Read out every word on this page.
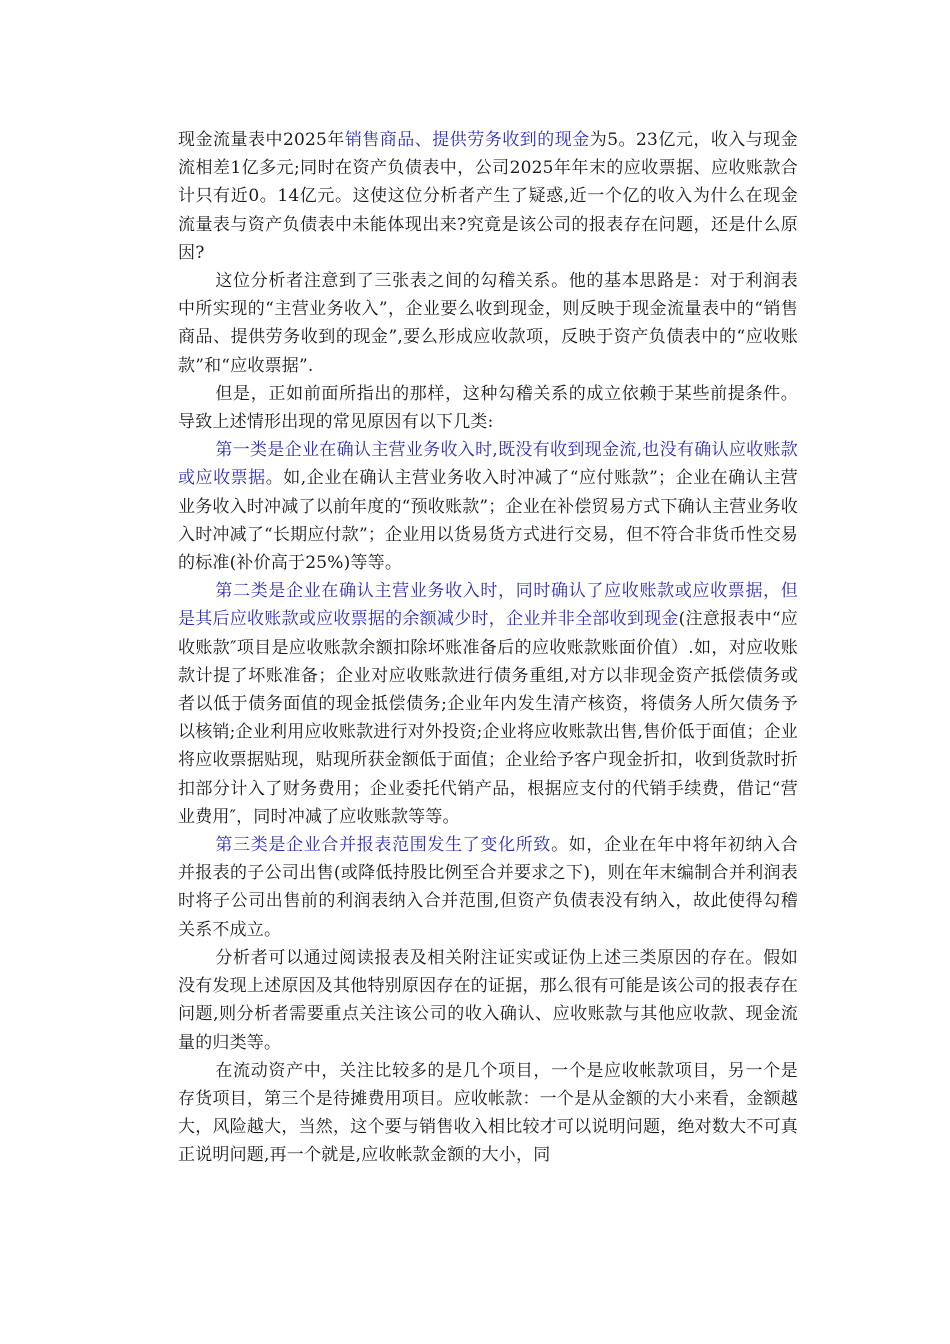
现金流量表中2025年销售商品、提供劳务收到的现金为5。23亿元，收入与现金流相差1亿多元;同时在资产负债表中，公司2025年年末的应收票据、应收账款合计只有近0。14亿元。这使这位分析者产生了疑惑,近一个亿的收入为什么在现金流量表与资产负债表中未能体现出来?究竟是该公司的报表存在问题，还是什么原因?

这位分析者注意到了三张表之间的勾稽关系。他的基本思路是：对于利润表中所实现的“主营业务收入”，企业要么收到现金，则反映于现金流量表中的“销售商品、提供劳务收到的现金”,要么形成应收款项，反映于资产负债表中的“应收账款”和“应收票据”.

但是，正如前面所指出的那样，这种勾稽关系的成立依赖于某些前提条件。导致上述情形出现的常见原因有以下几类:

第一类是企业在确认主营业务收入时,既没有收到现金流,也没有确认应收账款或应收票据。如,企业在确认主营业务收入时冲减了“应付账款”；企业在确认主营业务收入时冲减了以前年度的“预收账款”；企业在补偿贸易方式下确认主营业务收入时冲减了“长期应付款”；企业用以货易货方式进行交易，但不符合非货币性交易的标准(补价高于25%)等等。

第二类是企业在确认主营业务收入时，同时确认了应收账款或应收票据，但是其后应收账款或应收票据的余额减少时，企业并非全部收到现金(注意报表中“应收账款″项目是应收账款余额扣除坏账准备后的应收账款账面价值）.如，对应收账款计提了坏账准备；企业对应收账款进行债务重组,对方以非现金资产抵偿债务或者以低于债务面值的现金抵偿债务;企业年内发生清产核资，将债务人所欠债务予以核销;企业利用应收账款进行对外投资;企业将应收账款出售,售价低于面值；企业将应收票据贴现，贴现所获金额低于面值；企业给予客户现金折扣，收到货款时折扣部分计入了财务费用；企业委托代销产品，根据应支付的代销手续费，借记“营业费用″，同时冲减了应收账款等等。

第三类是企业合并报表范围发生了变化所致。如，企业在年中将年初纳入合并报表的子公司出售(或降低持股比例至合并要求之下)，则在年末编制合并利润表时将子公司出售前的利润表纳入合并范围,但资产负债表没有纳入，故此使得勾稽关系不成立。

分析者可以通过阅读报表及相关附注证实或证伪上述三类原因的存在。假如没有发现上述原因及其他特别原因存在的证据，那么很有可能是该公司的报表存在问题,则分析者需要重点关注该公司的收入确认、应收账款与其他应收款、现金流量的归类等。

在流动资产中，关注比较多的是几个项目，一个是应收帐款项目，另一个是存货项目，第三个是待摊费用项目。应收帐款：一个是从金额的大小来看，金额越大，风险越大，当然，这个要与销售收入相比较才可以说明问题，绝对数大不可真正说明问题,再一个就是,应收帐款金额的大小，同
